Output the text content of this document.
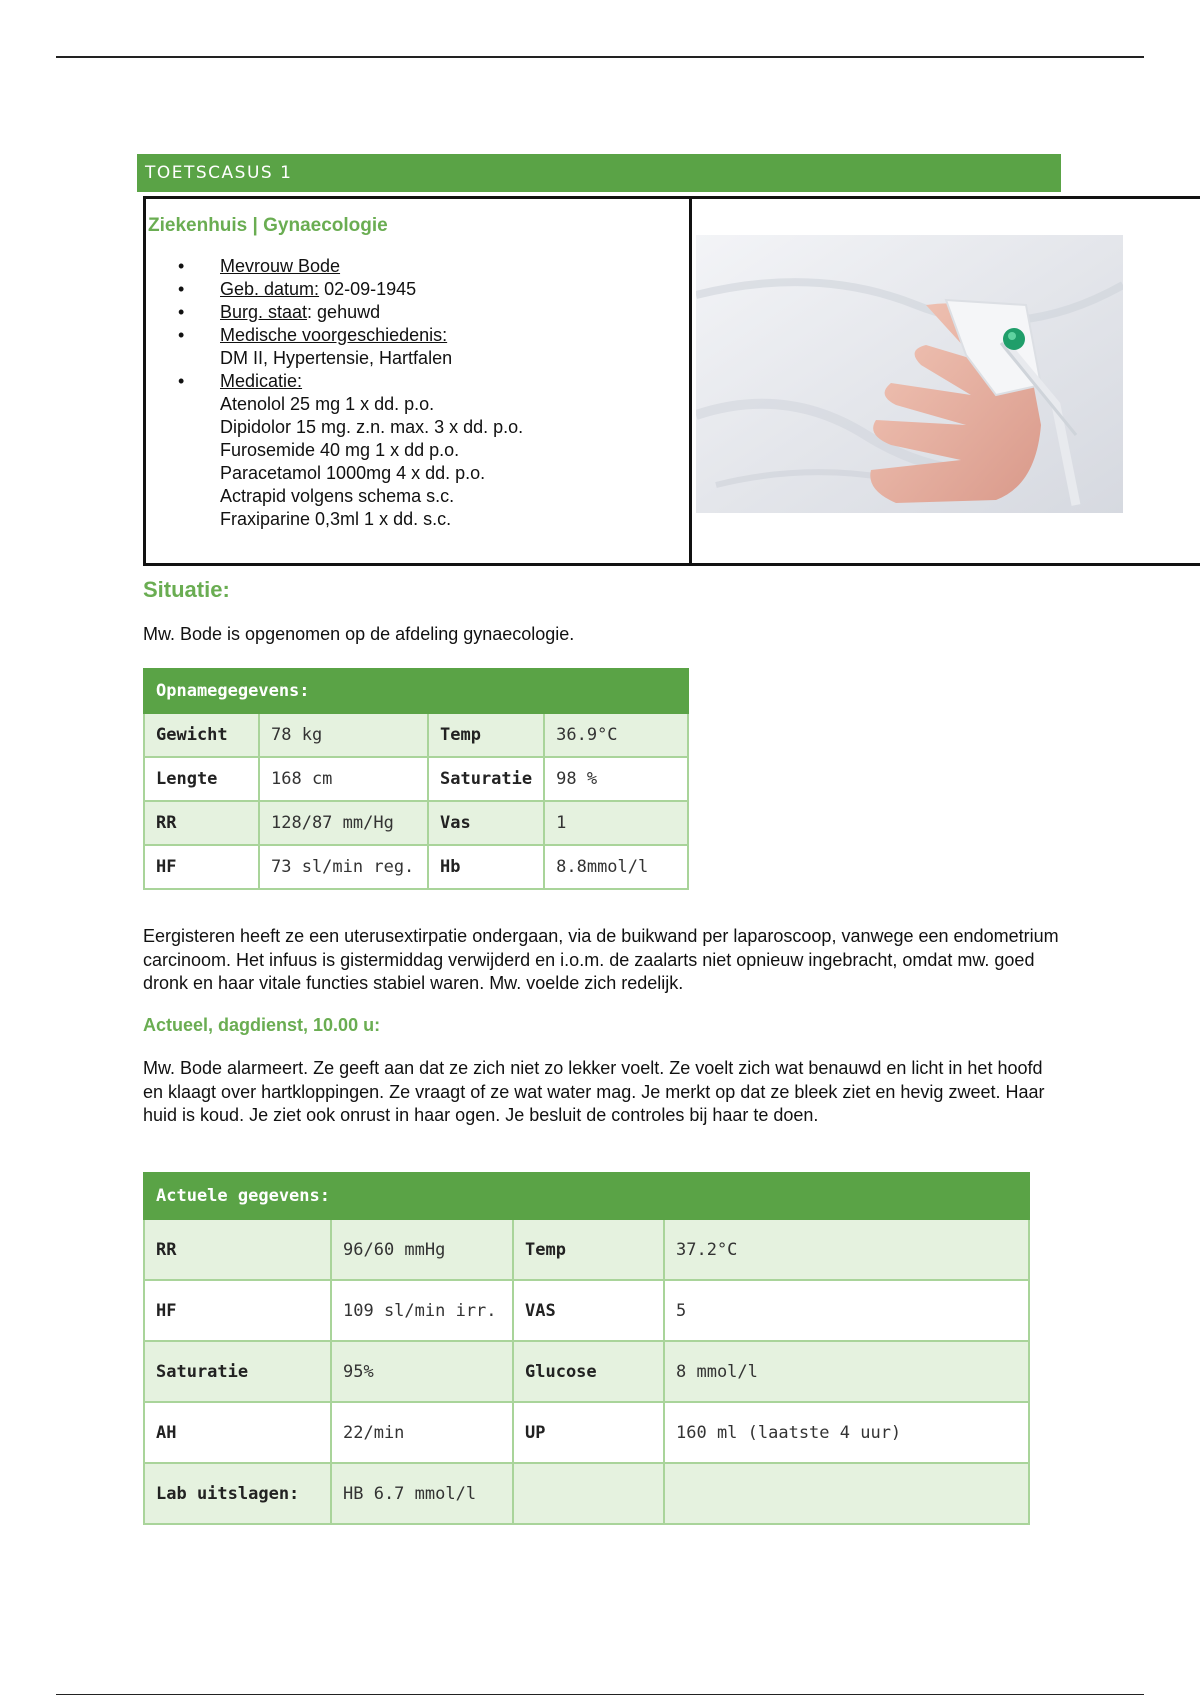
TOETSCASUS 1
Ziekenhuis | Gynaecologie
• Mevrouw Bode
• Geb. datum: 02-09-1945
• Burg. staat: gehuwd
• Medische voorgeschiedenis:
DM II, Hypertensie, Hartfalen
• Medicatie:
Atenolol 25 mg 1 x dd. p.o.
Dipidolor 15 mg. z.n. max. 3 x dd. p.o.
Furosemide 40 mg 1 x dd p.o.
Paracetamol 1000mg 4 x dd. p.o.
Actrapid volgens schema s.c.
Fraxiparine 0,3ml 1 x dd. s.c.
Situatie:
Mw. Bode is opgenomen op de afdeling gynaecologie.
Opnamegegevens:			
Gewicht	78 kg	Temp	36.9°C
Lengte	168 cm	Saturatie	98 %
RR	128/87 mm/Hg	Vas	1
HF	73 sl/min reg.	Hb	8.8mmol/l
Eergisteren heeft ze een uterusextirpatie ondergaan, via de buikwand per laparoscoop, vanwege een endometrium carcinoom. Het infuus is gistermiddag verwijderd en i.o.m. de zaalarts niet opnieuw ingebracht, omdat mw. goed dronk en haar vitale functies stabiel waren. Mw. voelde zich redelijk.
Actueel, dagdienst, 10.00 u:
Mw. Bode alarmeert. Ze geeft aan dat ze zich niet zo lekker voelt. Ze voelt zich wat benauwd en licht in het hoofd en klaagt over hartkloppingen. Ze vraagt of ze wat water mag. Je merkt op dat ze bleek ziet en hevig zweet. Haar huid is koud. Je ziet ook onrust in haar ogen. Je besluit de controles bij haar te doen.
Actuele gegevens:			
RR	96/60 mmHg	Temp	37.2°C
HF	109 sl/min irr.	VAS	5
Saturatie	95%	Glucose	8 mmol/l
AH	22/min	UP	160 ml (laatste 4 uur)
Lab uitslagen:	HB 6.7 mmol/l		
